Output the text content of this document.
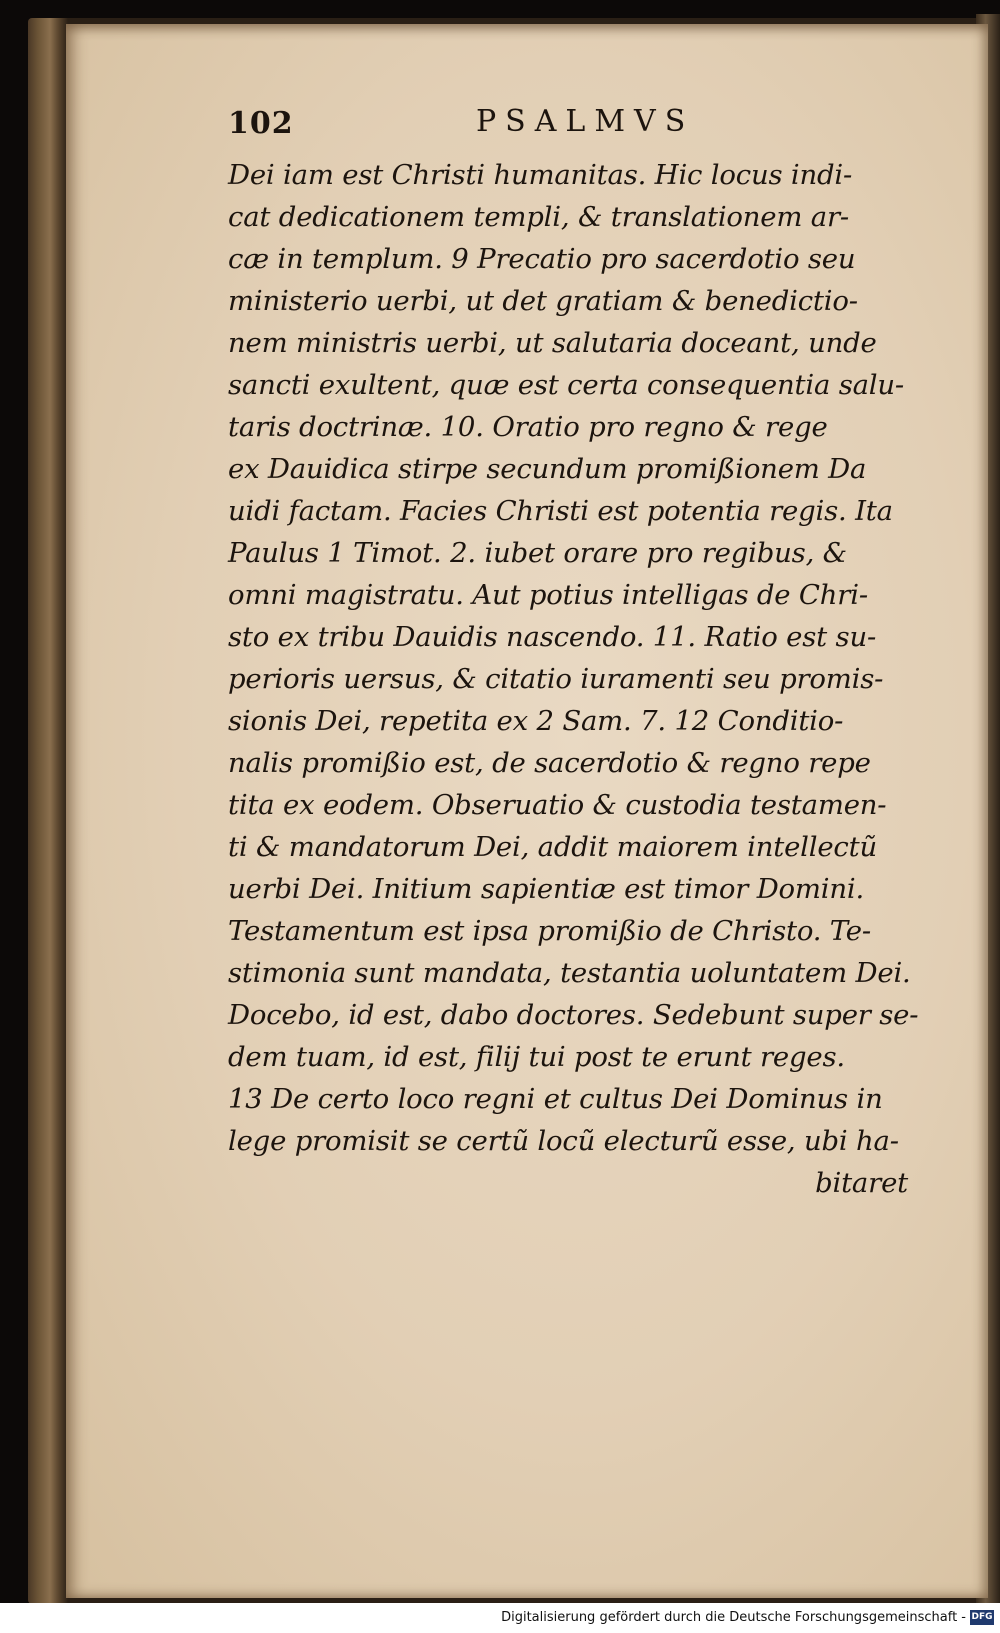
102	PSALMVS
Dei iam est Christi humanitas. Hic locus indi-
cat dedicationem templi, & translationem ar-
cæ in templum. 9 Precatio pro sacerdotio seu
ministerio uerbi, ut det gratiam & benedictio-
nem ministris uerbi, ut salutaria doceant, unde
sancti exultent, quæ est certa consequentia salu-
taris doctrinæ. 10. Oratio pro regno & rege
ex Dauidica stirpe secundum promißionem Da
uidi factam. Facies Christi est potentia regis. Ita
Paulus 1 Timot. 2. iubet orare pro regibus, &
omni magistratu. Aut potius intelligas de Chri-
sto ex tribu Dauidis nascendo. 11. Ratio est su-
perioris uersus, & citatio iuramenti seu promis-
sionis Dei, repetita ex 2 Sam. 7. 12 Conditio-
nalis promißio est, de sacerdotio & regno repe
tita ex eodem. Obseruatio & custodia testamen-
ti & mandatorum Dei, addit maiorem intellectũ
uerbi Dei. Initium sapientiæ est timor Domini.
Testamentum est ipsa promißio de Christo. Te-
stimonia sunt mandata, testantia uoluntatem Dei.
Docebo, id est, dabo doctores. Sedebunt super se-
dem tuam, id est, filij tui post te erunt reges.
13 De certo loco regni et cultus Dei Dominus in
lege promisit se certũ locũ electurũ esse, ubi ha-
bitaret
Digitalisierung gefördert durch die Deutsche Forschungsgemeinschaft - DFG
